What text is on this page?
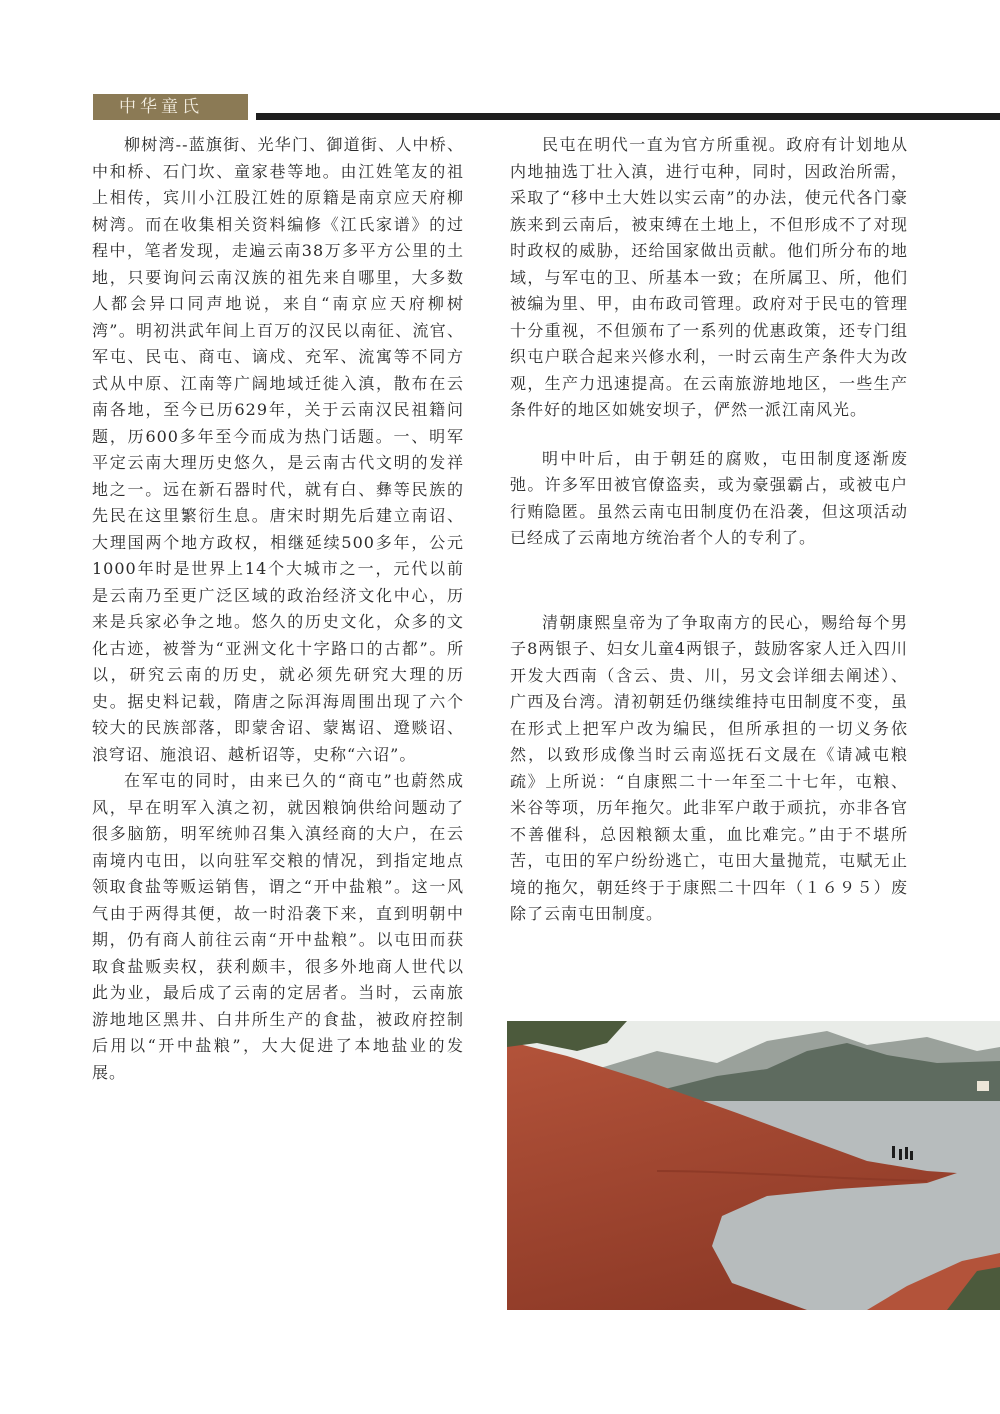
中华童氏

柳树湾--蓝旗街、光华门、御道街、人中桥、中和桥、石门坎、童家巷等地。由江姓笔友的祖上相传，宾川小江股江姓的原籍是南京应天府柳树湾。而在收集相关资料编修《江氏家谱》的过程中，笔者发现，走遍云南38万多平方公里的土地，只要询问云南汉族的祖先来自哪里，大多数人都会异口同声地说，来自“南京应天府柳树湾”。明初洪武年间上百万的汉民以南征、流官、军屯、民屯、商屯、谪戍、充军、流寓等不同方式从中原、江南等广阔地域迁徙入滇，散布在云南各地，至今已历629年，关于云南汉民祖籍问题，历600多年至今而成为热门话题。一、明军平定云南大理历史悠久，是云南古代文明的发祥地之一。远在新石器时代，就有白、彝等民族的先民在这里繁衍生息。唐宋时期先后建立南诏、大理国两个地方政权，相继延续500多年，公元1000年时是世界上14个大城市之一，元代以前是云南乃至更广泛区域的政治经济文化中心，历来是兵家必争之地。悠久的历史文化，众多的文化古迹，被誉为“亚洲文化十字路口的古都”。所以，研究云南的历史，就必须先研究大理的历史。据史料记载，隋唐之际洱海周围出现了六个较大的民族部落，即蒙舍诏、蒙嶲诏、邆赕诏、浪穹诏、施浪诏、越析诏等，史称“六诏”。

在军屯的同时，由来已久的“商屯”也蔚然成风，早在明军入滇之初，就因粮饷供给问题动了很多脑筋，明军统帅召集入滇经商的大户，在云南境内屯田，以向驻军交粮的情况，到指定地点领取食盐等贩运销售，谓之“开中盐粮”。这一风气由于两得其便，故一时沿袭下来，直到明朝中期，仍有商人前往云南“开中盐粮”。以屯田而获取食盐贩卖权，获利颇丰，很多外地商人世代以此为业，最后成了云南的定居者。当时，云南旅游地地区黑井、白井所生产的食盐，被政府控制后用以“开中盐粮”，大大促进了本地盐业的发展。

民屯在明代一直为官方所重视。政府有计划地从内地抽选丁壮入滇，进行屯种，同时，因政治所需，采取了“移中土大姓以实云南”的办法，使元代各门豪族来到云南后，被束缚在土地上，不但形成不了对现时政权的威胁，还给国家做出贡献。他们所分布的地域，与军屯的卫、所基本一致；在所属卫、所，他们被编为里、甲，由布政司管理。政府对于民屯的管理十分重视，不但颁布了一系列的优惠政策，还专门组织屯户联合起来兴修水利，一时云南生产条件大为改观，生产力迅速提高。在云南旅游地地区，一些生产条件好的地区如姚安坝子，俨然一派江南风光。

明中叶后，由于朝廷的腐败，屯田制度逐渐废弛。许多军田被官僚盗卖，或为豪强霸占，或被屯户行贿隐匿。虽然云南屯田制度仍在沿袭，但这项活动已经成了云南地方统治者个人的专利了。

清朝康熙皇帝为了争取南方的民心，赐给每个男子8两银子、妇女儿童4两银子，鼓励客家人迁入四川开发大西南（含云、贵、川，另文会详细去阐述）、广西及台湾。清初朝廷仍继续维持屯田制度不变，虽在形式上把军户改为编民，但所承担的一切义务依然，以致形成像当时云南巡抚石文晟在《请减屯粮疏》上所说：“自康熙二十一年至二十七年，屯粮、米谷等项，历年拖欠。此非军户敢于顽抗，亦非各官不善催科，总因粮额太重，血比难完。”由于不堪所苦，屯田的军户纷纷逃亡，屯田大量抛荒，屯赋无止境的拖欠，朝廷终于于康熙二十四年（１６９５）废除了云南屯田制度。
